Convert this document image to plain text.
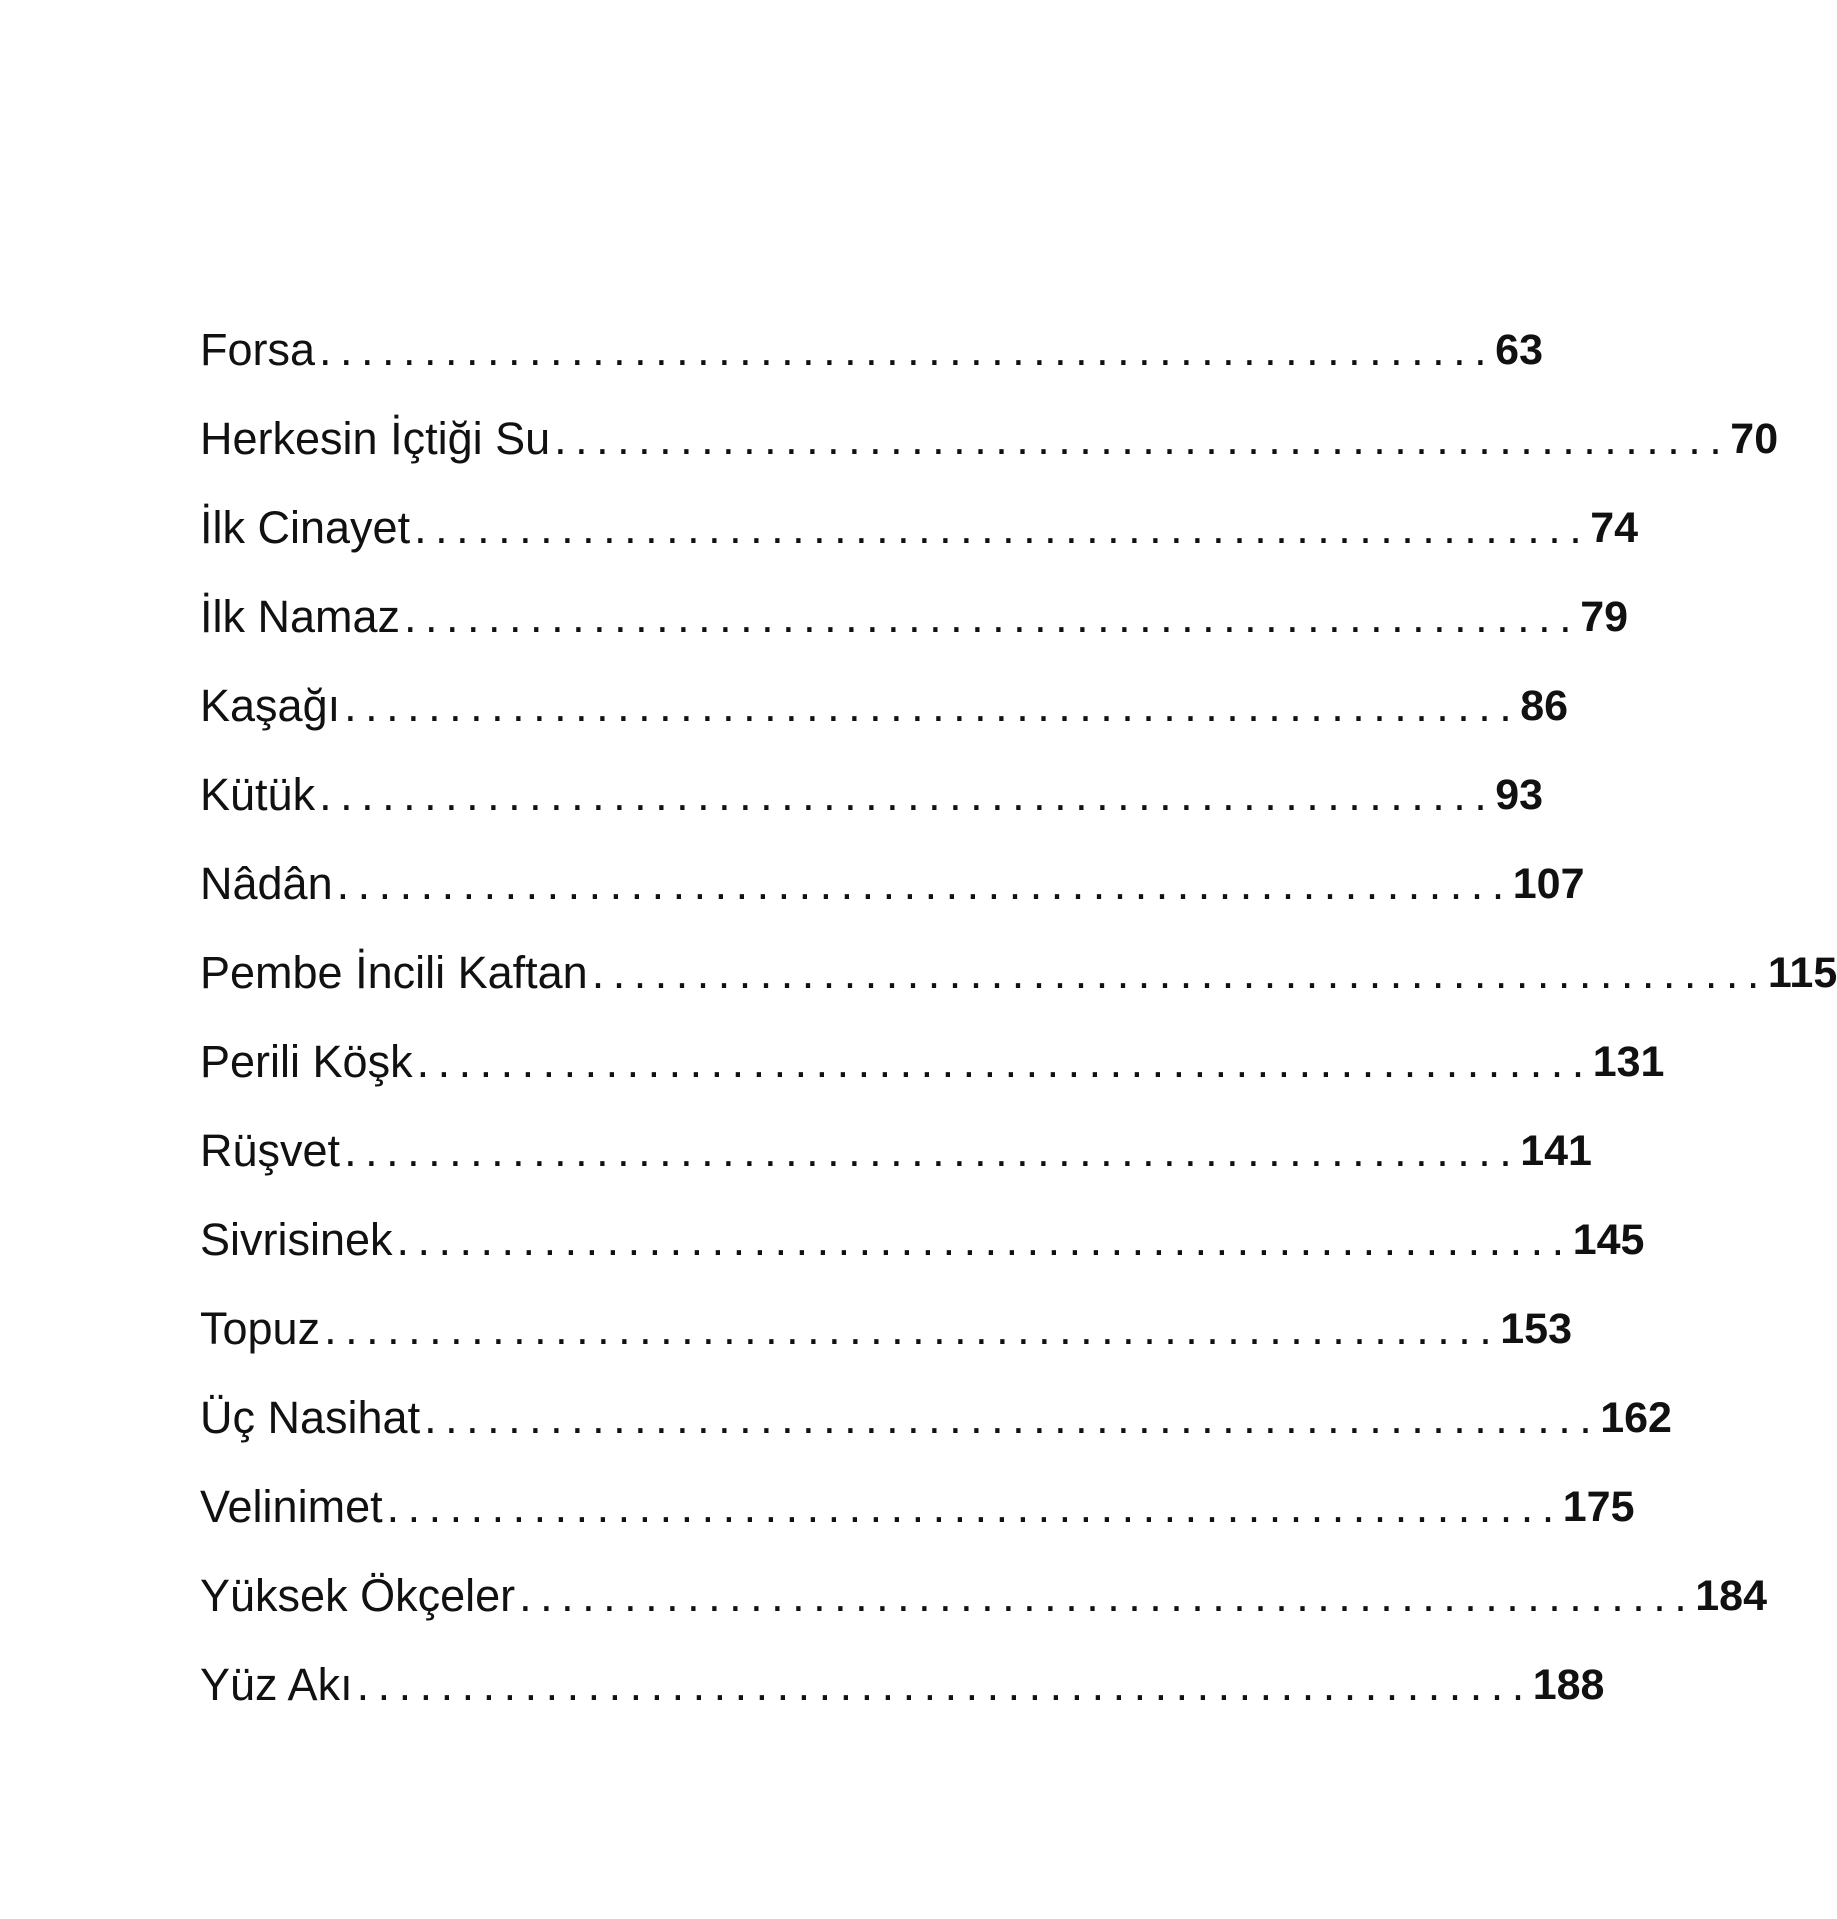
Forsa ........................................................ 63
Herkesin İçtiği Su ........................................................ 70
İlk Cinayet ........................................................ 74
İlk Namaz ........................................................ 79
Kaşağı ........................................................ 86
Kütük ........................................................ 93
Nâdân ........................................................ 107
Pembe İncili Kaftan ........................................................ 115
Perili Köşk ........................................................ 131
Rüşvet ........................................................ 141
Sivrisinek ........................................................ 145
Topuz ........................................................ 153
Üç Nasihat ........................................................ 162
Velinimet ........................................................ 175
Yüksek Ökçeler ........................................................ 184
Yüz Akı ........................................................ 188
